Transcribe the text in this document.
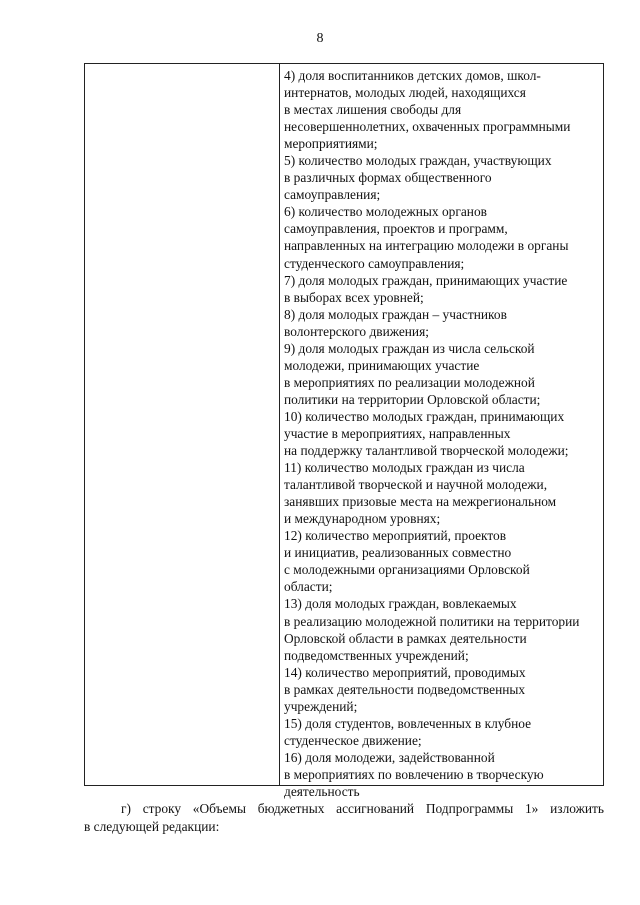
8
4) доля воспитанников детских домов, школ-
интернатов, молодых людей, находящихся
в местах лишения свободы для
несовершеннолетних, охваченных программными
мероприятиями;
5) количество молодых граждан, участвующих
в различных формах общественного
самоуправления;
6) количество молодежных органов
самоуправления, проектов и программ,
направленных на интеграцию молодежи в органы
студенческого самоуправления;
7) доля молодых граждан, принимающих участие
в выборах всех уровней;
8) доля молодых граждан – участников
волонтерского движения;
9) доля молодых граждан из числа сельской
молодежи, принимающих участие
в мероприятиях по реализации молодежной
политики на территории Орловской области;
10) количество молодых граждан, принимающих
участие в мероприятиях, направленных
на поддержку талантливой творческой молодежи;
11) количество молодых граждан из числа
талантливой творческой и научной молодежи,
занявших призовые места на межрегиональном
и международном уровнях;
12) количество мероприятий, проектов
и инициатив, реализованных совместно
с молодежными организациями Орловской
области;
13) доля молодых граждан, вовлекаемых
в реализацию молодежной политики на территории
Орловской области в рамках деятельности
подведомственных учреждений;
14) количество мероприятий, проводимых
в рамках деятельности подведомственных
учреждений;
15) доля студентов, вовлеченных в клубное
студенческое движение;
16) доля молодежи, задействованной
в мероприятиях по вовлечению в творческую
деятельность
г) строку «Объемы бюджетных ассигнований Подпрограммы 1» изложить
в следующей редакции:
